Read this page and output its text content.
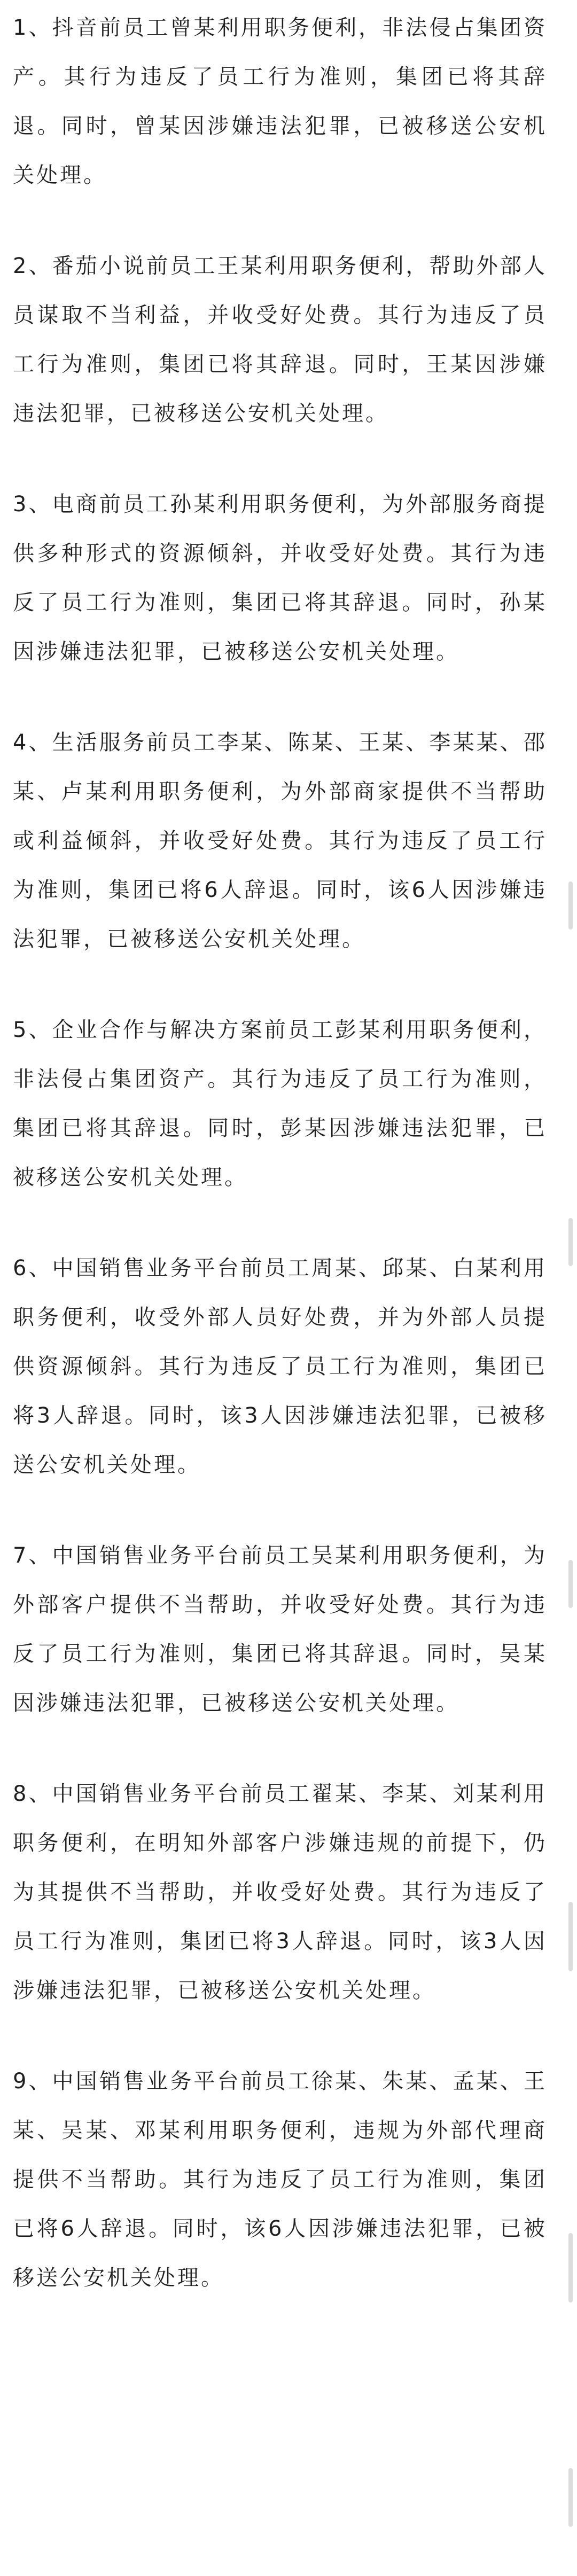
1、抖音前员工曾某利用职务便利，非法侵占集团资产。其行为违反了员工行为准则，集团已将其辞退。同时，曾某因涉嫌违法犯罪，已被移送公安机关处理。

2、番茄小说前员工王某利用职务便利，帮助外部人员谋取不当利益，并收受好处费。其行为违反了员工行为准则，集团已将其辞退。同时，王某因涉嫌违法犯罪，已被移送公安机关处理。

3、电商前员工孙某利用职务便利，为外部服务商提供多种形式的资源倾斜，并收受好处费。其行为违反了员工行为准则，集团已将其辞退。同时，孙某因涉嫌违法犯罪，已被移送公安机关处理。

4、生活服务前员工李某、陈某、王某、李某某、邵某、卢某利用职务便利，为外部商家提供不当帮助或利益倾斜，并收受好处费。其行为违反了员工行为准则，集团已将6人辞退。同时，该6人因涉嫌违法犯罪，已被移送公安机关处理。

5、企业合作与解决方案前员工彭某利用职务便利，非法侵占集团资产。其行为违反了员工行为准则，集团已将其辞退。同时，彭某因涉嫌违法犯罪，已被移送公安机关处理。

6、中国销售业务平台前员工周某、邱某、白某利用职务便利，收受外部人员好处费，并为外部人员提供资源倾斜。其行为违反了员工行为准则，集团已将3人辞退。同时，该3人因涉嫌违法犯罪，已被移送公安机关处理。

7、中国销售业务平台前员工吴某利用职务便利，为外部客户提供不当帮助，并收受好处费。其行为违反了员工行为准则，集团已将其辞退。同时，吴某因涉嫌违法犯罪，已被移送公安机关处理。

8、中国销售业务平台前员工翟某、李某、刘某利用职务便利，在明知外部客户涉嫌违规的前提下，仍为其提供不当帮助，并收受好处费。其行为违反了员工行为准则，集团已将3人辞退。同时，该3人因涉嫌违法犯罪，已被移送公安机关处理。

9、中国销售业务平台前员工徐某、朱某、孟某、王某、吴某、邓某利用职务便利，违规为外部代理商提供不当帮助。其行为违反了员工行为准则，集团已将6人辞退。同时，该6人因涉嫌违法犯罪，已被移送公安机关处理。
